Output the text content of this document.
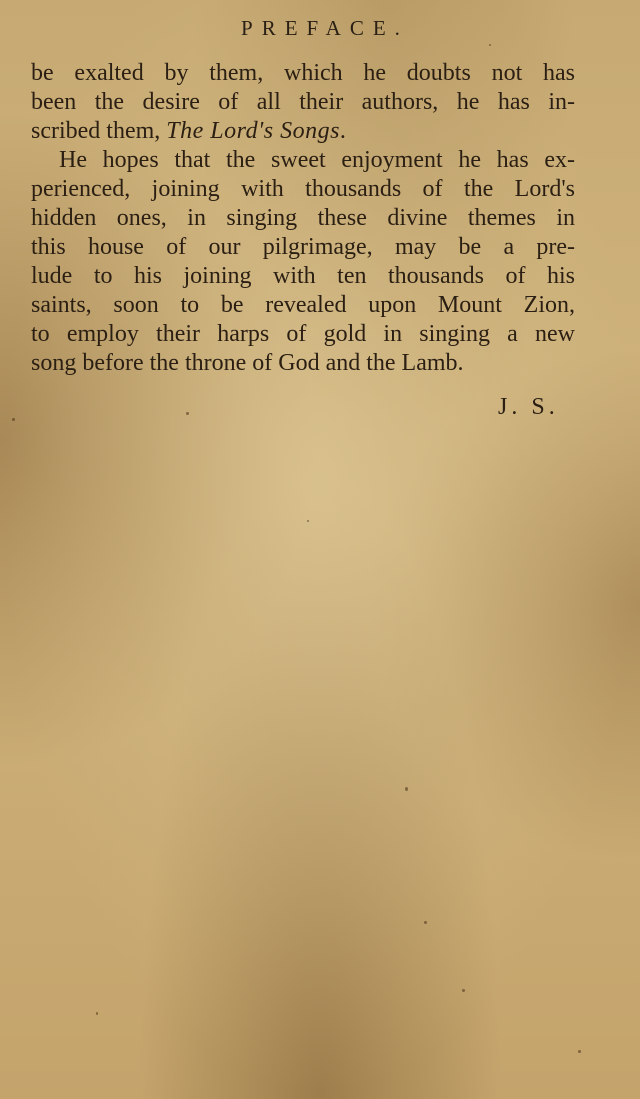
PREFACE.
be exalted by them, which he doubts not has
been the desire of all their authors, he has in-
scribed them, The Lord's Songs.
He hopes that the sweet enjoyment he has ex-
perienced, joining with thousands of the Lord's
hidden ones, in singing these divine themes in
this house of our pilgrimage, may be a pre-
lude to his joining with ten thousands of his
saints, soon to be revealed upon Mount Zion,
to employ their harps of gold in singing a new
song before the throne of God and the Lamb.
J. S.
